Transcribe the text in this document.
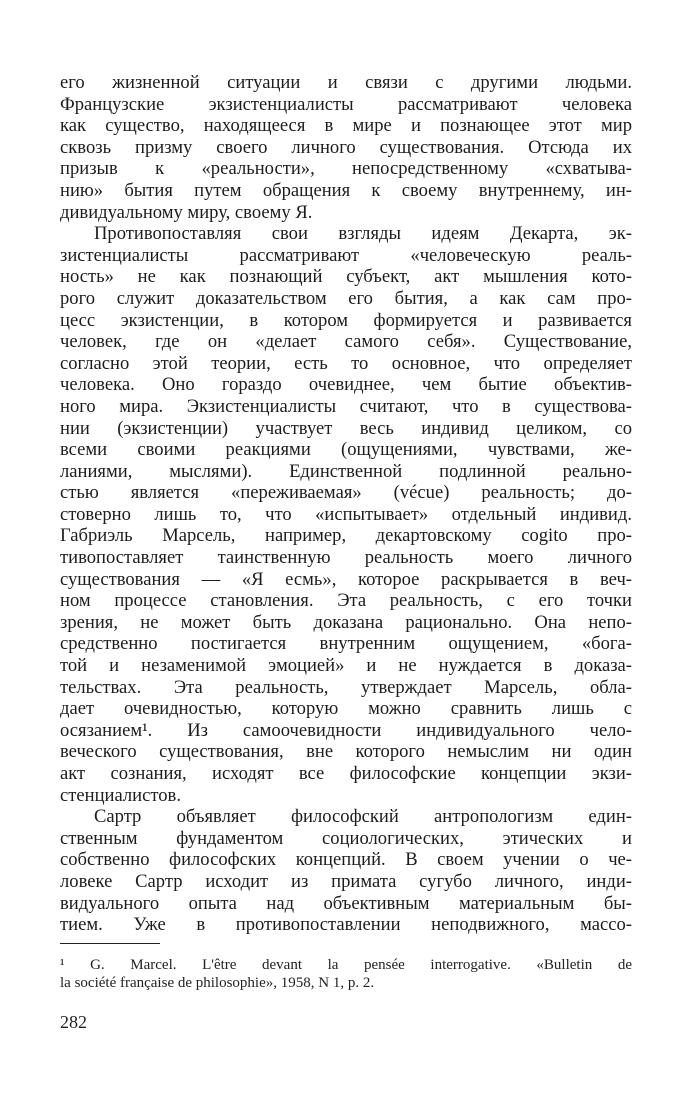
его жизненной ситуации и связи с другими людьми.
Французские экзистенциалисты рассматривают человека
как существо, находящееся в мире и познающее этот мир
сквозь призму своего личного существования. Отсюда их
призыв к «реальности», непосредственному «схватыва-
нию» бытия путем обращения к своему внутреннему, ин-
дивидуальному миру, своему Я.

Противопоставляя свои взгляды идеям Декарта, эк-
зистенциалисты рассматривают «человеческую реаль-
ность» не как познающий субъект, акт мышления кото-
рого служит доказательством его бытия, а как сам про-
цесс экзистенции, в котором формируется и развивается
человек, где он «делает самого себя». Существование,
согласно этой теории, есть то основное, что определяет
человека. Оно гораздо очевиднее, чем бытие объектив-
ного мира. Экзистенциалисты считают, что в существова-
нии (экзистенции) участвует весь индивид целиком, со
всеми своими реакциями (ощущениями, чувствами, же-
ланиями, мыслями). Единственной подлинной реально-
стью является «переживаемая» (vécue) реальность; до-
стоверно лишь то, что «испытывает» отдельный индивид.
Габриэль Марсель, например, декартовскому cogito про-
тивопоставляет таинственную реальность моего личного
существования — «Я есмь», которое раскрывается в веч-
ном процессе становления. Эта реальность, с его точки
зрения, не может быть доказана рационально. Она непо-
средственно постигается внутренним ощущением, «бога-
той и незаменимой эмоцией» и не нуждается в доказа-
тельствах. Эта реальность, утверждает Марсель, обла-
дает очевидностью, которую можно сравнить лишь с
осязанием¹. Из самоочевидности индивидуального чело-
веческого существования, вне которого немыслим ни один
акт сознания, исходят все философские концепции экзи-
стенциалистов.

Сартр объявляет философский антропологизм един-
ственным фундаментом социологических, этических и
собственно философских концепций. В своем учении о че-
ловеке Сартр исходит из примата сугубо личного, инди-
видуального опыта над объективным материальным бы-
тием. Уже в противопоставлении неподвижного, массо-

¹ G. Marcel. L'être devant la pensée interrogative. «Bulletin de
la société française de philosophie», 1958, N 1, p. 2.
282
